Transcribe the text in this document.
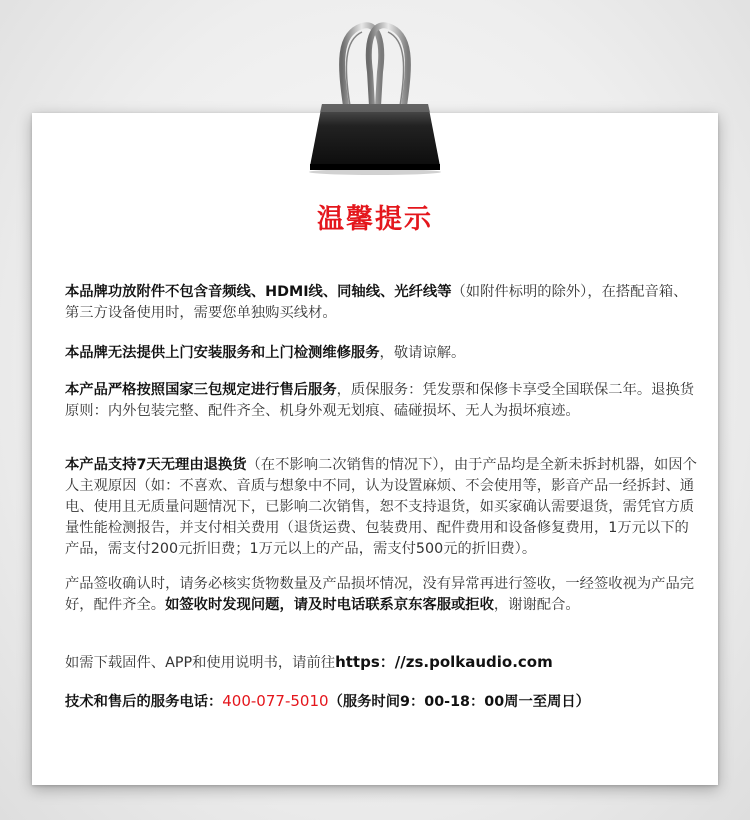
温馨提示

本品牌功放附件不包含音频线、HDMI线、同轴线、光纤线等（如附件标明的除外），在搭配音箱、第三方设备使用时，需要您单独购买线材。

本品牌无法提供上门安装服务和上门检测维修服务，敬请谅解。

本产品严格按照国家三包规定进行售后服务，质保服务：凭发票和保修卡享受全国联保二年。退换货原则：内外包装完整、配件齐全、机身外观无划痕、磕碰损坏、无人为损坏痕迹。

本产品支持7天无理由退换货（在不影响二次销售的情况下），由于产品均是全新未拆封机器，如因个人主观原因（如：不喜欢、音质与想象中不同，认为设置麻烦、不会使用等，影音产品一经拆封、通电、使用且无质量问题情况下，已影响二次销售，恕不支持退货，如买家确认需要退货，需凭官方质量性能检测报告，并支付相关费用（退货运费、包装费用、配件费用和设备修复费用，1万元以下的产品，需支付200元折旧费；1万元以上的产品，需支付500元的折旧费）。

产品签收确认时，请务必核实货物数量及产品损坏情况，没有异常再进行签收，一经签收视为产品完好，配件齐全。如签收时发现问题，请及时电话联系京东客服或拒收，谢谢配合。

如需下载固件、APP和使用说明书，请前往https：//zs.polkaudio.com

技术和售后的服务电话：400-077-5010（服务时间9：00-18：00周一至周日）
